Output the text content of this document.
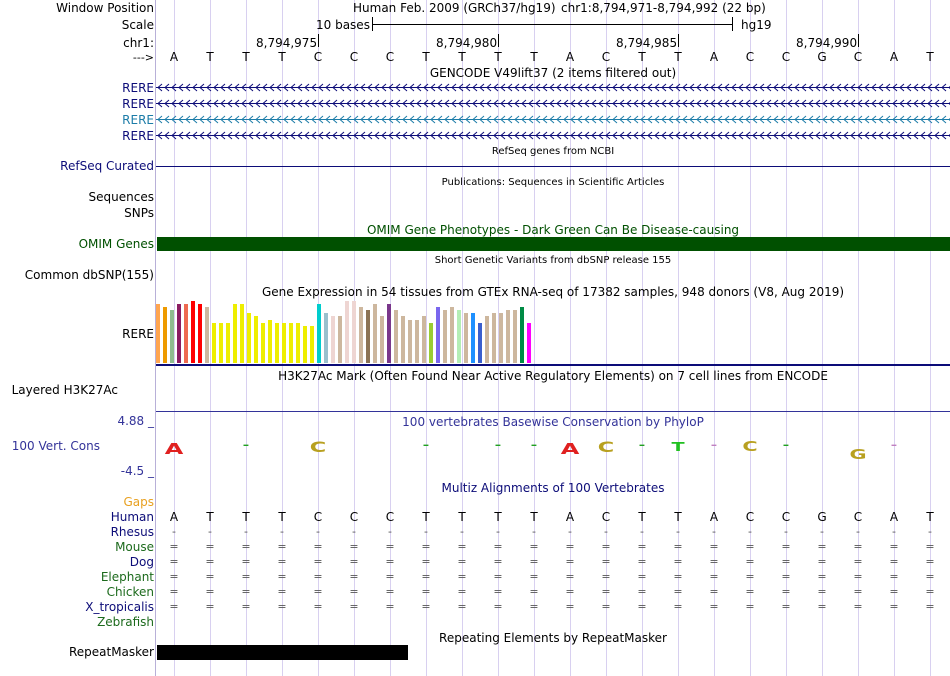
Window Position
Scale
chr1:
--->
RERE
RERE
RERE
RERE
RefSeq Curated
Sequences
SNPs
OMIM Genes
Common dbSNP(155)
RERE
Layered H3K27Ac
4.88 _
100 Vert. Cons
-4.5 _
Gaps
Human
Rhesus
Mouse
Dog
Elephant
Chicken
X_tropicalis
Zebrafish
RepeatMasker
Human Feb. 2009 (GRCh37/hg19) chr1:8,794,971-8,794,992 (22 bp)
10 bases	hg19
8,794,975	8,794,980	8,794,985	8,794,990
A	T	T	T	C	C	C	T	T	T	T	A	C	T	T	A	C	C	G	C	A	T
GENCODE V49lift37 (2 items filtered out)
RefSeq genes from NCBI
Publications: Sequences in Scientific Articles
OMIM Gene Phenotypes - Dark Green Can Be Disease-causing
Short Genetic Variants from dbSNP release 155
Gene Expression in 54 tissues from GTEx RNA-seq of 17382 samples, 948 donors (V8, Aug 2019)
H3K27Ac Mark (Often Found Near Active Regulatory Elements) on 7 cell lines from ENCODE
100 vertebrates Basewise Conservation by PhyloP
A	-	C	-	-	-	A	C	-	T	-	C	-
G
-
Multiz Alignments of 100 Vertebrates
A	T	T	T	C	C	C	T	T	T	T	A	C	T	T	A	C	C	G	C	A	T
-	-	-	-	-	-	-	-	-	-	-	-	-	-	-	-	-	-	-	-	-	-
=	=	=	=	=	=	=	=	=	=	=	=	=	=	=	=	=	=	=	=	=	=
=	=	=	=	=	=	=	=	=	=	=	=	=	=	=	=	=	=	=	=	=	=
=	=	=	=	=	=	=	=	=	=	=	=	=	=	=	=	=	=	=	=	=	=
=	=	=	=	=	=	=	=	=	=	=	=	=	=	=	=	=	=	=	=	=	=
=	=	=	=	=	=	=	=	=	=	=	=	=	=	=	=	=	=	=	=	=	=
Repeating Elements by RepeatMasker
